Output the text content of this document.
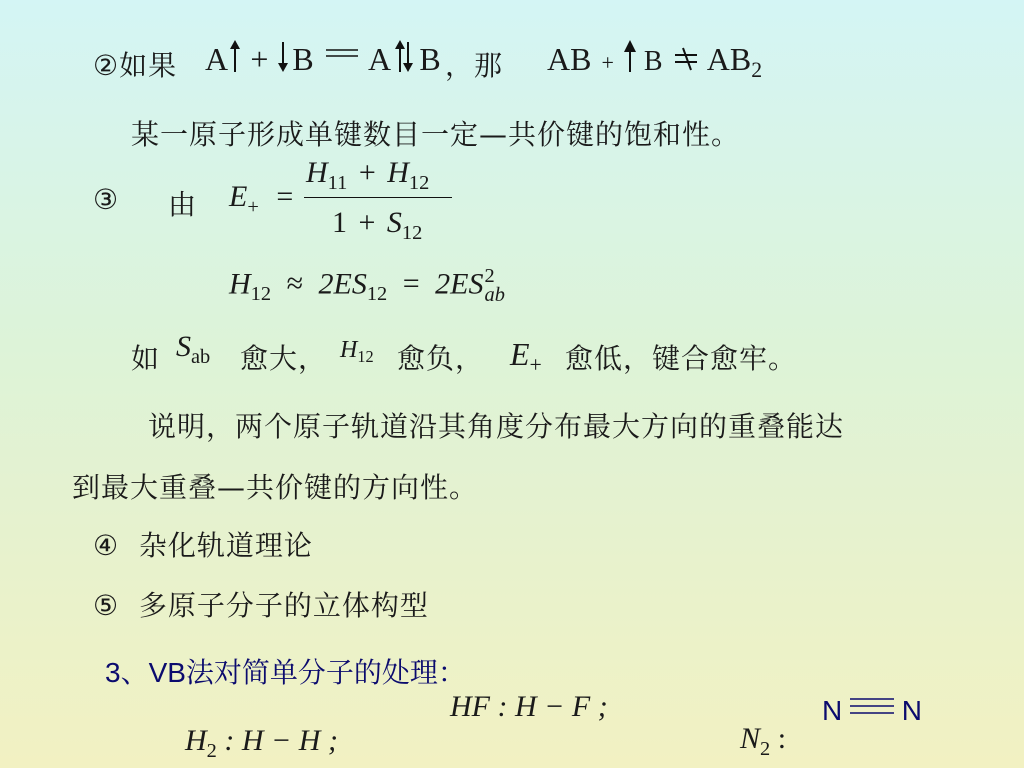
②如果 A + B A B ，那 AB + B $AB_2$
某一原子形成单键数目一定—共价键的饱和性。
③ 由 $E_+$ =
$H_{11} + H_{12}$
$1 + S_{12}$
$H_{12} \approx 2ES_{12} = 2ES$ 2
ab
如 $S_{ab}$ 愈大， $H_{12}$ 愈负， $E_+$ 愈低，键合愈牢。
说明，两个原子轨道沿其角度分布最大方向的重叠能达
到最大重叠—共价键的方向性。
④  杂化轨道理论
⑤  多原子分子的立体构型
3、VB法对简单分子的处理：

$H_2$ : H − H ;

HF : H − F ;

$N_2$ :

N N
